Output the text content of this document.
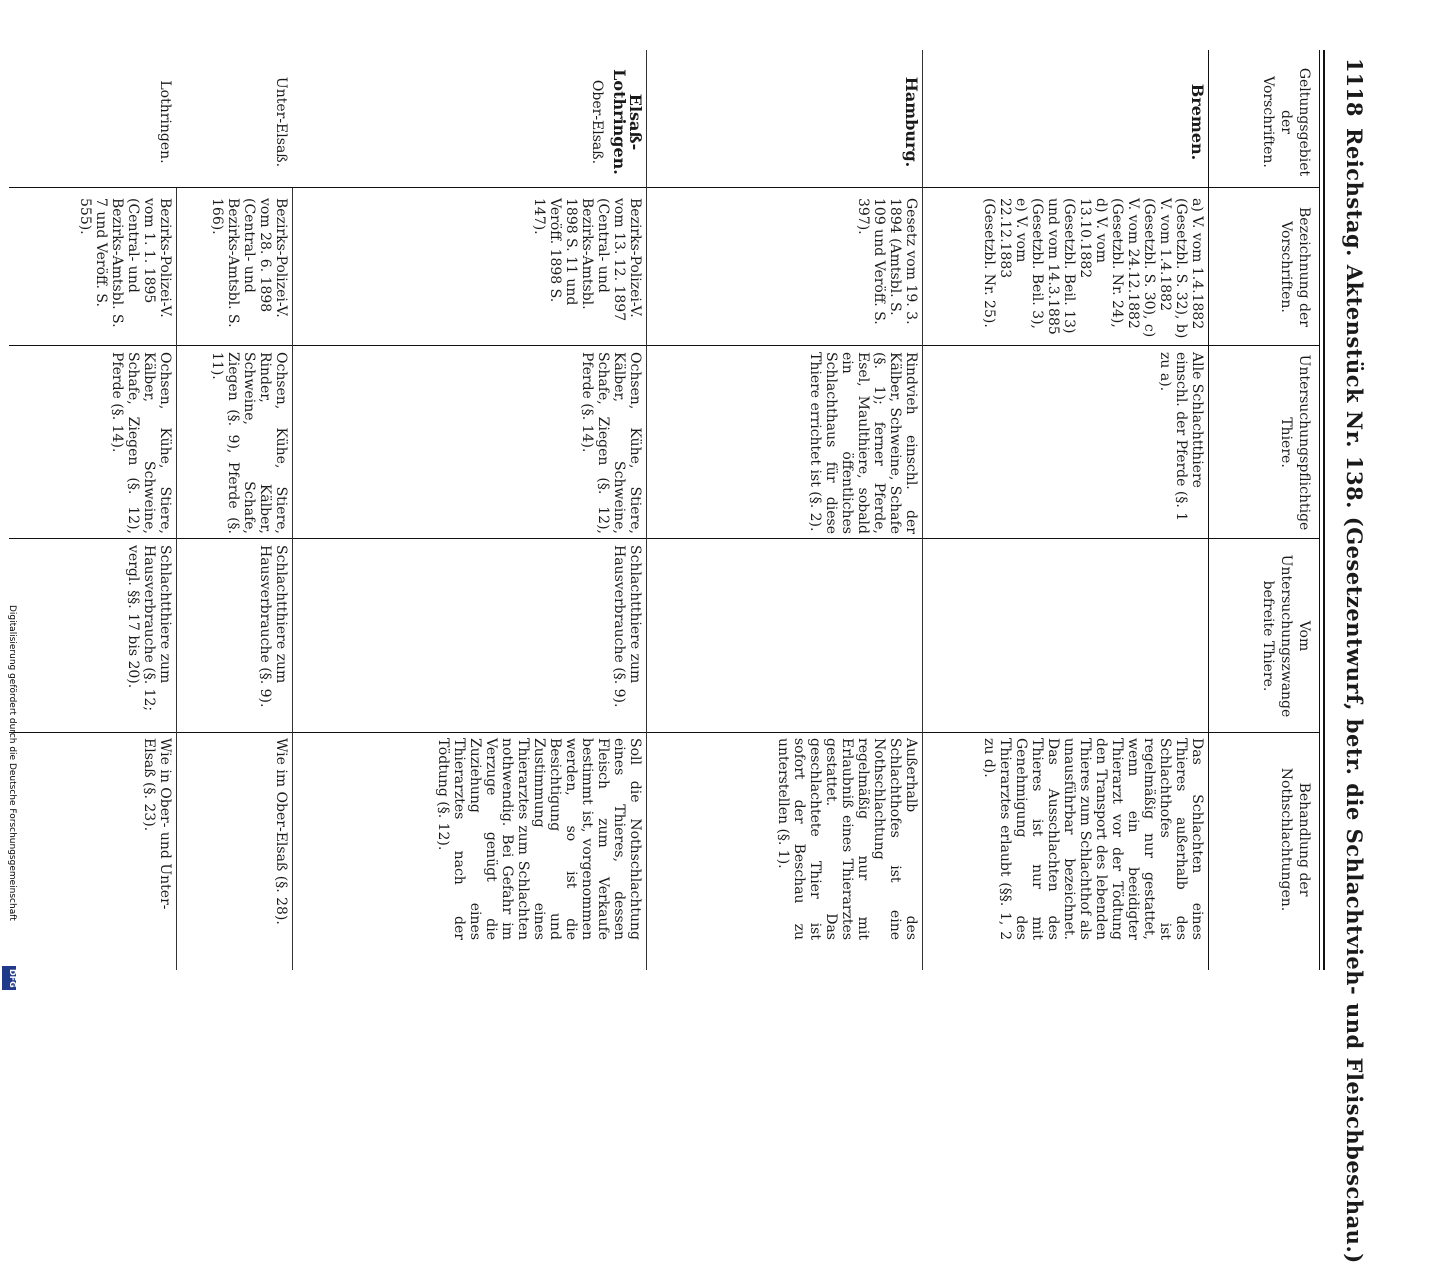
1118
Reichstag. Aktenstück Nr. 138. (Gesetzentwurf, betr. die Schlachtvieh- und Fleischbeschau.)
Geltungsgebiet der Vorschriften.
Bezeichnung der Vorschriften.
Untersuchungspflichtige Thiere.
Vom Untersuchungszwange befreite Thiere.
Behandlung der Nothschlachtungen.
Bremen.
a) V. vom 1.4.1882 (Gesetzbl. S. 32), b) V. vom 1.4.1882 (Gesetzbl. S. 30), c) V. vom 24.12.1882 (Gesetzbl. Nr. 24), d) V. vom 13.10.1882 (Gesetzbl. Beil. 13) und vom 14.3.1885 (Gesetzbl. Beil. 3), e) V. vom 22.12.1883 (Gesetzbl. Nr. 25).
Alle Schlachtthiere einschl. der Pferde (§. 1 zu a).
Das Schlachten eines Thieres außerhalb des Schlachthofes ist regelmäßig nur gestattet, wenn ein beeidigter Thierarzt vor der Tödtung den Transport des lebenden Thieres zum Schlachthof als unausführbar bezeichnet. Das Ausschlachten des Thieres ist nur mit Genehmigung des Thierarztes erlaubt (§§. 1, 2 zu d).
Hamburg.
Gesetz vom 19. 3. 1894 (Amtsbl. S. 109 und Veröff. S. 397).
Rindvieh einschl. der Kälber, Schweine, Schafe (§. 1); ferner Pferde, Esel, Maulthiere, sobald ein öffentliches Schlachthaus für diese Thiere errichtet ist (§. 2).
Außerhalb des Schlachthofes ist eine Nothschlachtung regelmäßig nur mit Erlaubniß eines Thierarztes gestattet. Das geschlachtete Thier ist sofort der Beschau zu unterstellen (§. 1).
Elsaß-Lothringen.
Ober-Elsaß.
Bezirks-Polizei-V. vom 13. 12. 1897 (Central- und Bezirks-Amtsbl. 1898 S. 11 und Veröff. 1898 S. 147).
Ochsen, Kühe, Stiere, Kälber, Schweine, Schafe, Ziegen (§. 12), Pferde (§. 14).
Schlachtthiere zum Hausverbrauche (§. 9).
Soll die Nothschlachtung eines Thieres, dessen Fleisch zum Verkaufe bestimmt ist, vorgenommen werden, so ist die Besichtigung und Zustimmung eines Thierarztes zum Schlachten nothwendig. Bei Gefahr im Verzuge genügt die Zuziehung eines Thierarztes nach der Tödtung (§. 12).
Unter-Elsaß.
Bezirks-Polizei-V. vom 28. 6. 1898 (Central- und Bezirks-Amtsbl. S. 166).
Ochsen, Kühe, Stiere, Rinder, Kälber, Schweine, Schafe, Ziegen (§. 9), Pferde (§. 11).
Schlachtthiere zum Hausverbrauche (§. 9).
Wie im Ober-Elsaß (§. 28).
Lothringen.
Bezirks-Polizei-V. vom 1. 1. 1895 (Central- und Bezirks-Amtsbl. S. 7 und Veröff. S. 555).
Ochsen, Kühe, Stiere, Kälber, Schweine, Schafe, Ziegen (§. 12), Pferde (§. 14).
Schlachtthiere zum Hausverbrauche (§. 12; vergl. §§. 17 bis 20).
Wie in Ober- und Unter-Elsaß (§. 23).
Digitalisierung gefördert durch die Deutsche Forschungsgemeinschaft
DFG
